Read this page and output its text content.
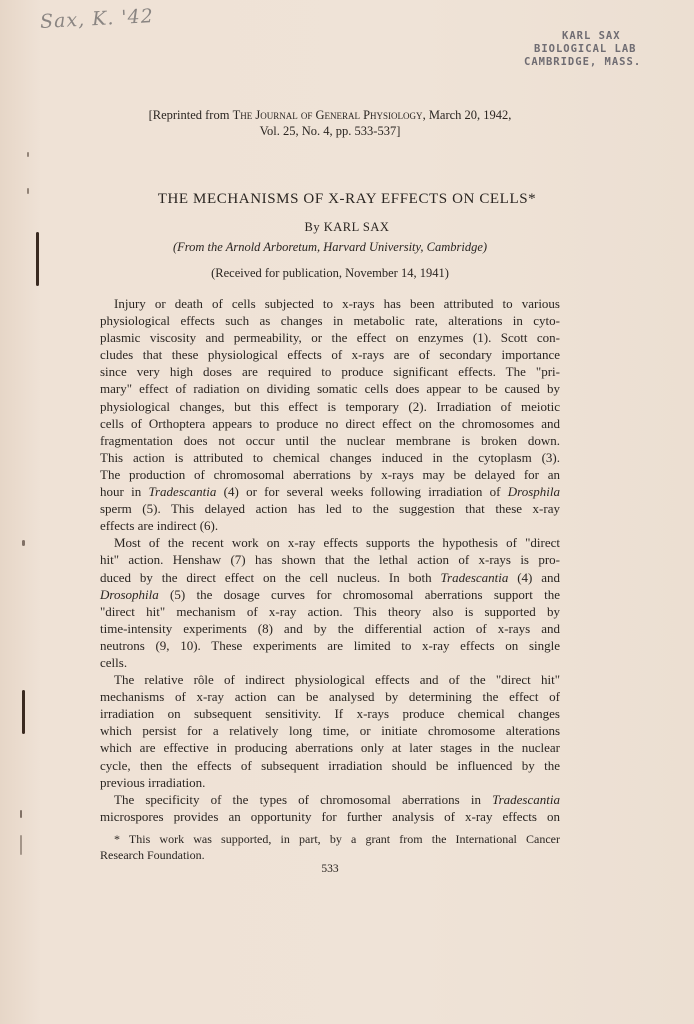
Sax, K. '42
KARL SAX
BIOLOGICAL LAB
CAMBRIDGE, MASS.
[Reprinted from The Journal of General Physiology, March 20, 1942,
Vol. 25, No. 4, pp. 533-537]
THE MECHANISMS OF X-RAY EFFECTS ON CELLS*
By KARL SAX
(From the Arnold Arboretum, Harvard University, Cambridge)
(Received for publication, November 14, 1941)
Injury or death of cells subjected to x-rays has been attributed to various
physiological effects such as changes in metabolic rate, alterations in cyto-
plasmic viscosity and permeability, or the effect on enzymes (1). Scott con-
cludes that these physiological effects of x-rays are of secondary importance
since very high doses are required to produce significant effects. The "pri-
mary" effect of radiation on dividing somatic cells does appear to be caused by
physiological changes, but this effect is temporary (2). Irradiation of meiotic
cells of Orthoptera appears to produce no direct effect on the chromosomes and
fragmentation does not occur until the nuclear membrane is broken down.
This action is attributed to chemical changes induced in the cytoplasm (3).
The production of chromosomal aberrations by x-rays may be delayed for an
hour in Tradescantia (4) or for several weeks following irradiation of Drosphila
sperm (5). This delayed action has led to the suggestion that these x-ray
effects are indirect (6).
Most of the recent work on x-ray effects supports the hypothesis of "direct
hit" action. Henshaw (7) has shown that the lethal action of x-rays is pro-
duced by the direct effect on the cell nucleus. In both Tradescantia (4) and
Drosophila (5) the dosage curves for chromosomal aberrations support the
"direct hit" mechanism of x-ray action. This theory also is supported by
time-intensity experiments (8) and by the differential action of x-rays and
neutrons (9, 10). These experiments are limited to x-ray effects on single
cells.
The relative rôle of indirect physiological effects and of the "direct hit"
mechanisms of x-ray action can be analysed by determining the effect of
irradiation on subsequent sensitivity. If x-rays produce chemical changes
which persist for a relatively long time, or initiate chromosome alterations
which are effective in producing aberrations only at later stages in the nuclear
cycle, then the effects of subsequent irradiation should be influenced by the
previous irradiation.
The specificity of the types of chromosomal aberrations in Tradescantia
microspores provides an opportunity for further analysis of x-ray effects on
* This work was supported, in part, by a grant from the International Cancer
Research Foundation.
533
